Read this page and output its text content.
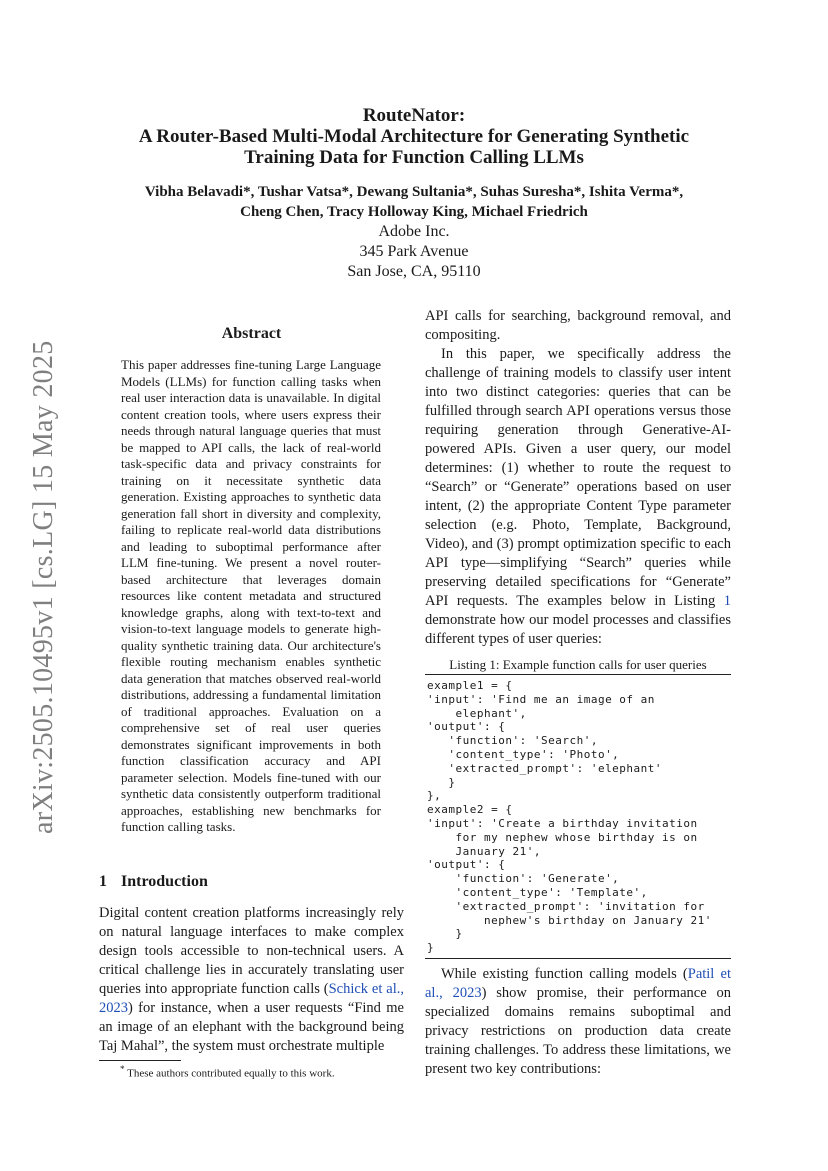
RouteNator:
A Router-Based Multi-Modal Architecture for Generating Synthetic
Training Data for Function Calling LLMs
Vibha Belavadi*, Tushar Vatsa*, Dewang Sultania*, Suhas Suresha*, Ishita Verma*,
Cheng Chen, Tracy Holloway King, Michael Friedrich
Adobe Inc.
345 Park Avenue
San Jose, CA, 95110
arXiv:2505.10495v1 [cs.LG] 15 May 2025
Abstract
This paper addresses fine-tuning Large Language Models (LLMs) for function calling tasks when real user interaction data is unavailable. In digital content creation tools, where users express their needs through natural language queries that must be mapped to API calls, the lack of real-world task-specific data and privacy constraints for training on it necessitate synthetic data generation. Existing approaches to synthetic data generation fall short in diversity and complexity, failing to replicate real-world data distributions and leading to suboptimal performance after LLM fine-tuning. We present a novel router-based architecture that leverages domain resources like content metadata and structured knowledge graphs, along with text-to-text and vision-to-text language models to generate high-quality synthetic training data. Our architecture's flexible routing mechanism enables synthetic data generation that matches observed real-world distributions, addressing a fundamental limitation of traditional approaches. Evaluation on a comprehensive set of real user queries demonstrates significant improvements in both function classification accuracy and API parameter selection. Models fine-tuned with our synthetic data consistently outperform traditional approaches, establishing new benchmarks for function calling tasks.
1 Introduction

Digital content creation platforms increasingly rely on natural language interfaces to make complex design tools accessible to non-technical users. A critical challenge lies in accurately translating user queries into appropriate function calls (Schick et al., 2023) for instance, when a user requests “Find me an image of an elephant with the background being Taj Mahal”, the system must orchestrate multiple

* These authors contributed equally to this work.

API calls for searching, background removal, and compositing.

In this paper, we specifically address the challenge of training models to classify user intent into two distinct categories: queries that can be fulfilled through search API operations versus those requiring generation through Generative-AI-powered APIs. Given a user query, our model determines: (1) whether to route the request to “Search” or “Generate” operations based on user intent, (2) the appropriate Content Type parameter selection (e.g. Photo, Template, Background, Video), and (3) prompt optimization specific to each API type—simplifying “Search” queries while preserving detailed specifications for “Generate” API requests. The examples below in Listing 1 demonstrate how our model processes and classifies different types of user queries:

Listing 1: Example function calls for user queries
example1 = {
'input': 'Find me an image of an
elephant',
'output': {
'function': 'Search',
'content_type': 'Photo',
'extracted_prompt': 'elephant'
}
},
example2 = {
'input': 'Create a birthday invitation
for my nephew whose birthday is on
January 21',
'output': {
'function': 'Generate',
'content_type': 'Template',
'extracted_prompt': 'invitation for
nephew's birthday on January 21'
}
}

While existing function calling models (Patil et al., 2023) show promise, their performance on specialized domains remains suboptimal and privacy restrictions on production data create training challenges. To address these limitations, we present two key contributions:
